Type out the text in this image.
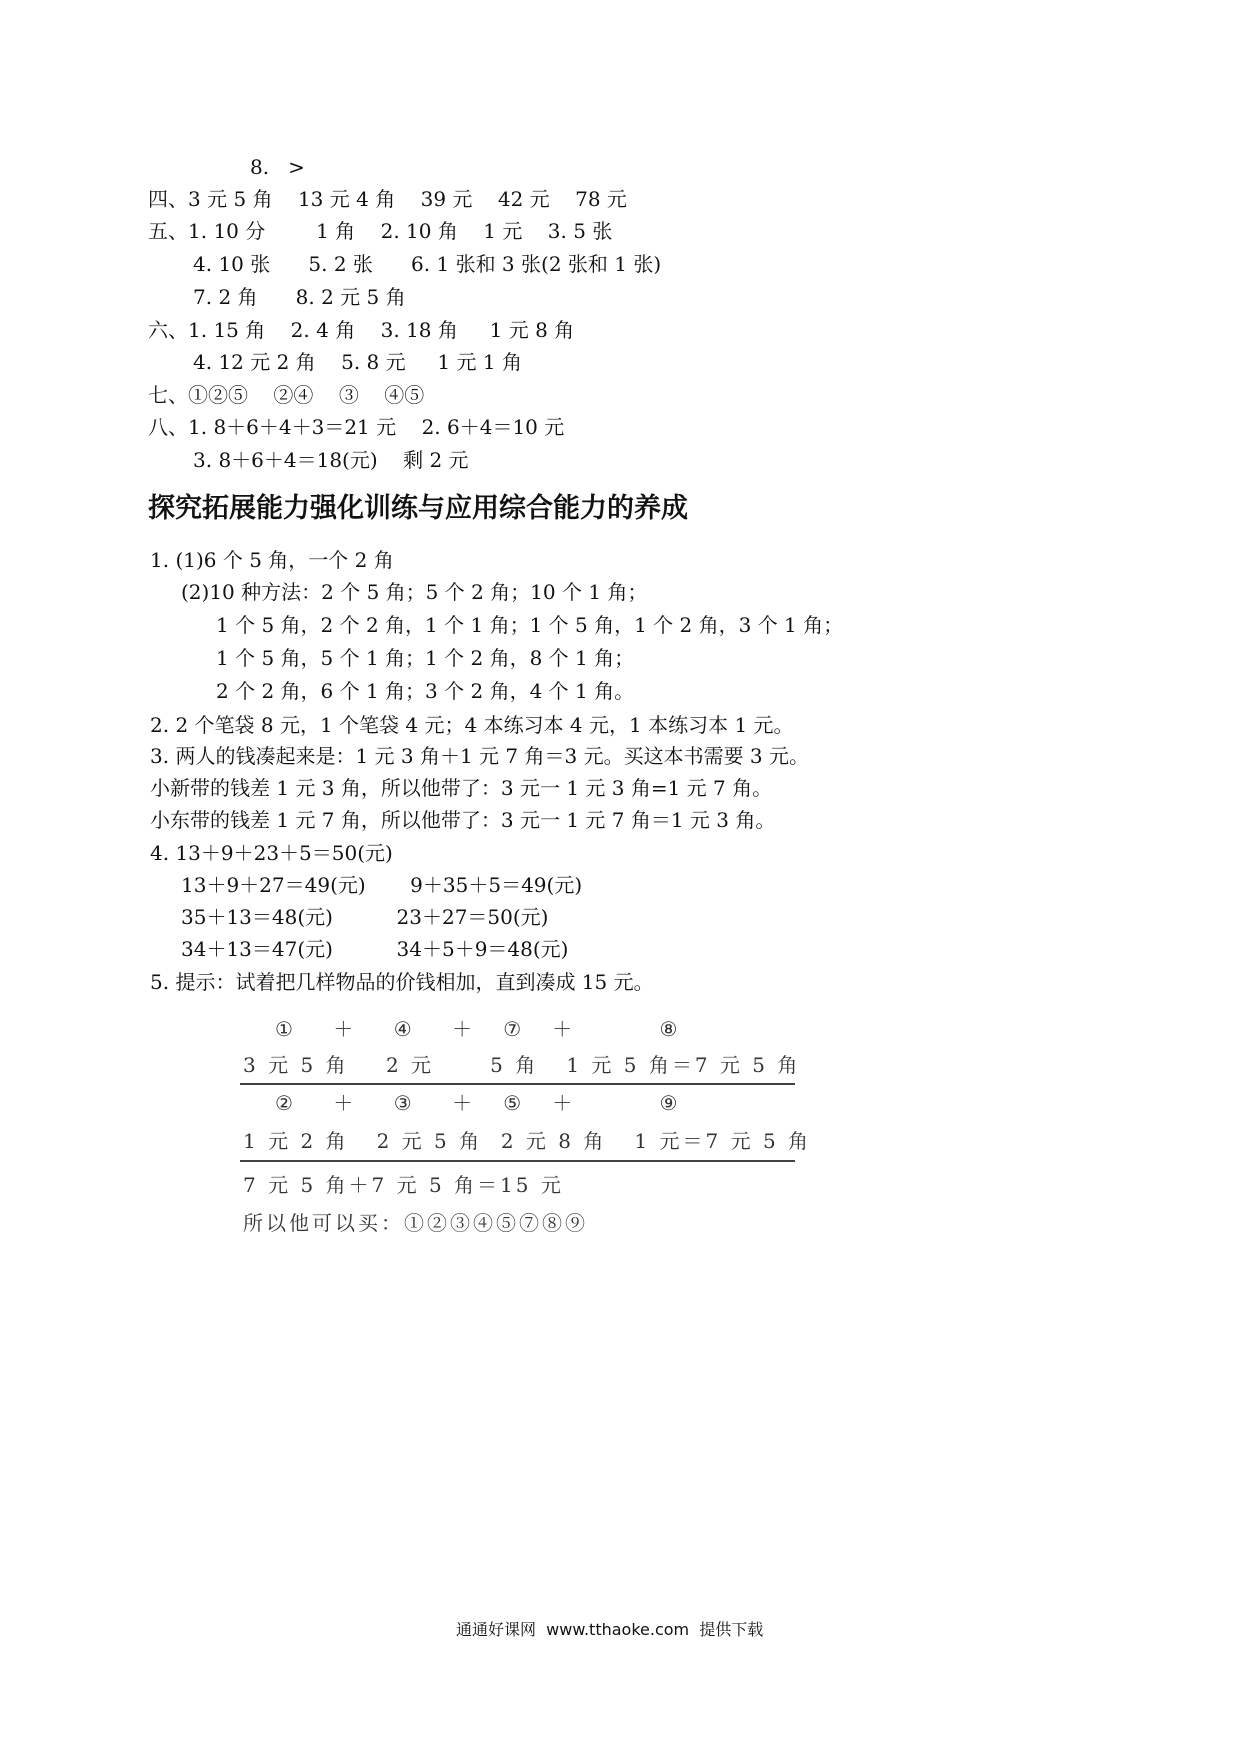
8.   >
四、3 元 5 角    13 元 4 角    39 元    42 元    78 元
五、1. 10 分        1 角    2. 10 角    1 元    3. 5 张
4. 10 张      5. 2 张      6. 1 张和 3 张(2 张和 1 张)
7. 2 角      8. 2 元 5 角
六、1. 15 角    2. 4 角    3. 18 角     1 元 8 角
4. 12 元 2 角    5. 8 元     1 元 1 角
七、①②⑤    ②④    ③    ④⑤
八、1. 8＋6＋4＋3＝21 元    2. 6＋4＝10 元
3. 8＋6＋4＝18(元)    剩 2 元
探究拓展能力强化训练与应用综合能力的养成
1. (1)6 个 5 角，一个 2 角
(2)10 种方法：2 个 5 角；5 个 2 角；10 个 1 角；
1 个 5 角，2 个 2 角，1 个 1 角；1 个 5 角，1 个 2 角，3 个 1 角；
1 个 5 角，5 个 1 角；1 个 2 角，8 个 1 角；
2 个 2 角，6 个 1 角；3 个 2 角，4 个 1 角。
2. 2 个笔袋 8 元，1 个笔袋 4 元；4 本练习本 4 元，1 本练习本 1 元。
3. 两人的钱凑起来是：1 元 3 角＋1 元 7 角＝3 元。买这本书需要 3 元。
小新带的钱差 1 元 3 角，所以他带了：3 元一 1 元 3 角=1 元 7 角。
小东带的钱差 1 元 7 角，所以他带了：3 元一 1 元 7 角＝1 元 3 角。
4. 13＋9＋23＋5＝50(元)
13＋9＋27＝49(元)       9＋35＋5＝49(元)
35＋13＝48(元)          23＋27＝50(元)
34＋13＝47(元)          34＋5＋9＝48(元)
5. 提示：试着把几样物品的价钱相加，直到凑成 15 元。
①    ＋    ④    ＋   ⑦   ＋         ⑧
3 元 5 角    2 元      5 角   1 元 5 角＝7 元 5 角
②    ＋    ③    ＋   ⑤   ＋         ⑨
1 元 2 角   2 元 5 角  2 元 8 角   1 元＝7 元 5 角
7 元 5 角＋7 元 5 角＝15 元
所以他可以买：①②③④⑤⑦⑧⑨
通通好课网  www.tthaoke.com  提供下载
